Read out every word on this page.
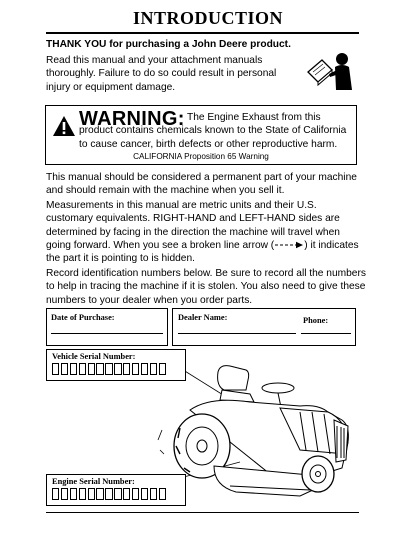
INTRODUCTION
THANK YOU for purchasing a John Deere product.
Read this manual and your attachment manuals thoroughly. Failure to do so could result in personal injury or equipment damage.
WARNING: The Engine Exhaust from this product contains chemicals known to the State of California to cause cancer, birth defects or other reproductive harm.
CALIFORNIA Proposition 65 Warning
This manual should be considered a permanent part of your machine and should remain with the machine when you sell it.
Measurements in this manual are metric units and their U.S. customary equivalents. RIGHT-HAND and LEFT-HAND sides are determined by facing in the direction the machine will travel when going forward. When you see a broken line arrow (	) it indicates the part it is pointing to is hidden.
Record identification numbers below. Be sure to record all the numbers to help in tracing the machine if it is stolen. You also need to give these numbers to your dealer when you order parts.
Date of Purchase:	Dealer Name:	Phone:
Vehicle Serial Number:
Engine Serial Number:
